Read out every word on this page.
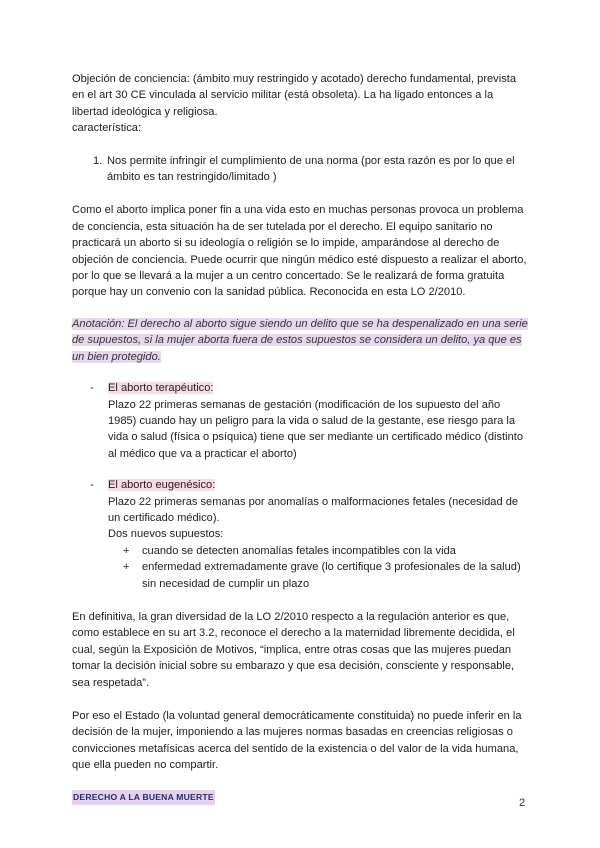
Objeción de conciencia: (ámbito muy restringido y acotado) derecho fundamental, prevista en el art 30 CE vinculada al servicio militar (está obsoleta). La ha ligado entonces a la libertad ideológica y religiosa.

característica:

1. Nos permite infringir el cumplimiento de una norma (por esta razón es por lo que el ámbito es tan restringido/limitado )

Como el aborto implica poner fin a una vida esto en muchas personas provoca un problema de conciencia, esta situación ha de ser tutelada por el derecho. El equipo sanitario no practicará un aborto si su ideología o religión se lo impide, amparándose al derecho de objeción de conciencia. Puede ocurrir que ningún médico esté dispuesto a realizar el aborto, por lo que se llevará a la mujer a un centro concertado. Se le realizará de forma gratuita porque hay un convenio con la sanidad pública. Reconocida en esta LO 2/2010.

Anotación: El derecho al aborto sigue siendo un delito que se ha despenalizado en una serie de supuestos, si la mujer aborta fuera de estos supuestos se considera un delito, ya que es un bien protegido.

-	El aborto terapéutico:

Plazo 22 primeras semanas de gestación (modificación de los supuesto del año 1985) cuando hay un peligro para la vida o salud de la gestante, ese riesgo para la vida o salud (física o psíquica) tiene que ser mediante un certificado médico (distinto al médico que va a practicar el aborto)

-	El aborto eugenésico:

Plazo 22 primeras semanas por anomalías o malformaciones fetales (necesidad de un certificado médico).

Dos nuevos supuestos:

+	cuando se detecten anomalías fetales incompatibles con la vida
+	enfermedad extremadamente grave (lo certifique 3 profesionales de la salud) sin necesidad de cumplir un plazo

En definitiva, la gran diversidad de la LO 2/2010 respecto a la regulación anterior es que, como establece en su art 3.2, reconoce el derecho a la maternidad libremente decidida, el cual, según la Exposición de Motivos, “implica, entre otras cosas que las mujeres puedan tomar la decisión inicial sobre su embarazo y que esa decisión, consciente y responsable, sea respetada”.

Por eso el Estado (la voluntad general democráticamente constituida) no puede inferir en la decisión de la mujer, imponiendo a las mujeres normas basadas en creencias religiosas o convicciones metafísicas acerca del sentido de la existencia o del valor de la vida humana, que ella pueden no compartir.

DERECHO A LA BUENA MUERTE
2
